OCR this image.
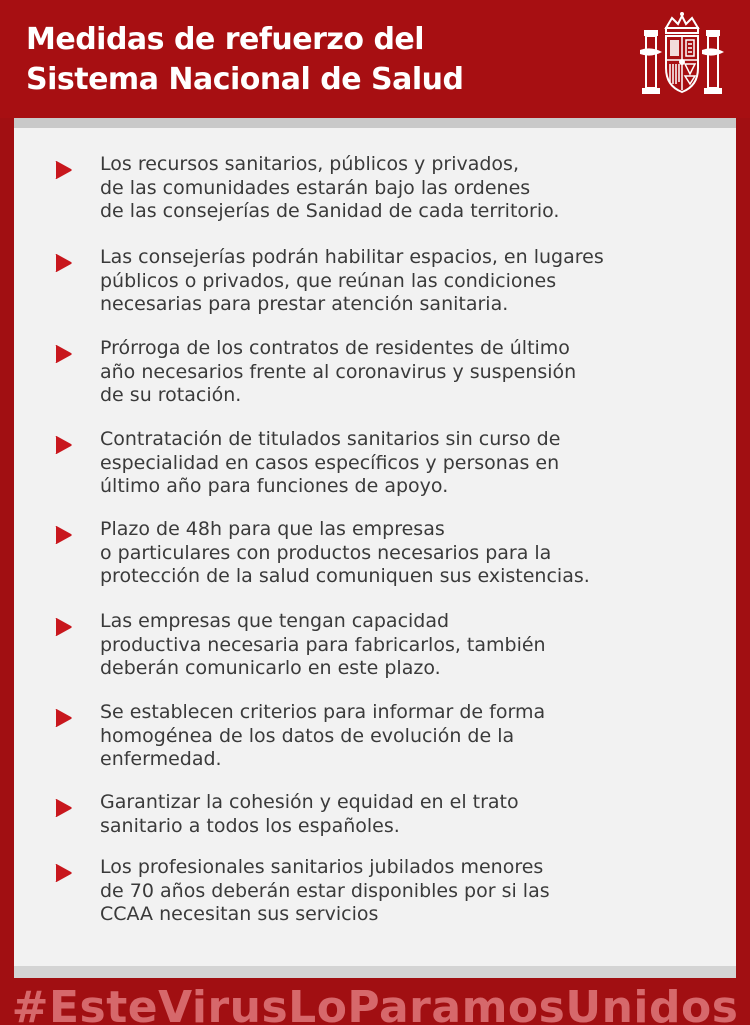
Medidas de refuerzo del
Sistema Nacional de Salud
Los recursos sanitarios, públicos y privados,
de las comunidades estarán bajo las ordenes
de las consejerías de Sanidad de cada territorio.
Las consejerías podrán habilitar espacios, en lugares
públicos o privados, que reúnan las condiciones
necesarias para prestar atención sanitaria.
Prórroga de los contratos de residentes de último
año necesarios frente al coronavirus y suspensión
de su rotación.
Contratación de titulados sanitarios sin curso de
especialidad en casos específicos y personas en
último año para funciones de apoyo.
Plazo de 48h para que las empresas
o particulares con productos necesarios para la
protección de la salud comuniquen sus existencias.
Las empresas que tengan capacidad
productiva necesaria para fabricarlos, también
deberán comunicarlo en este plazo.
Se establecen criterios para informar de forma
homogénea de los datos de evolución de la
enfermedad.
Garantizar la cohesión y equidad en el trato
sanitario a todos los españoles.
Los profesionales sanitarios jubilados menores
de 70 años deberán estar disponibles por si las
CCAA necesitan sus servicios
#EsteVirusLoParamosUnidos
